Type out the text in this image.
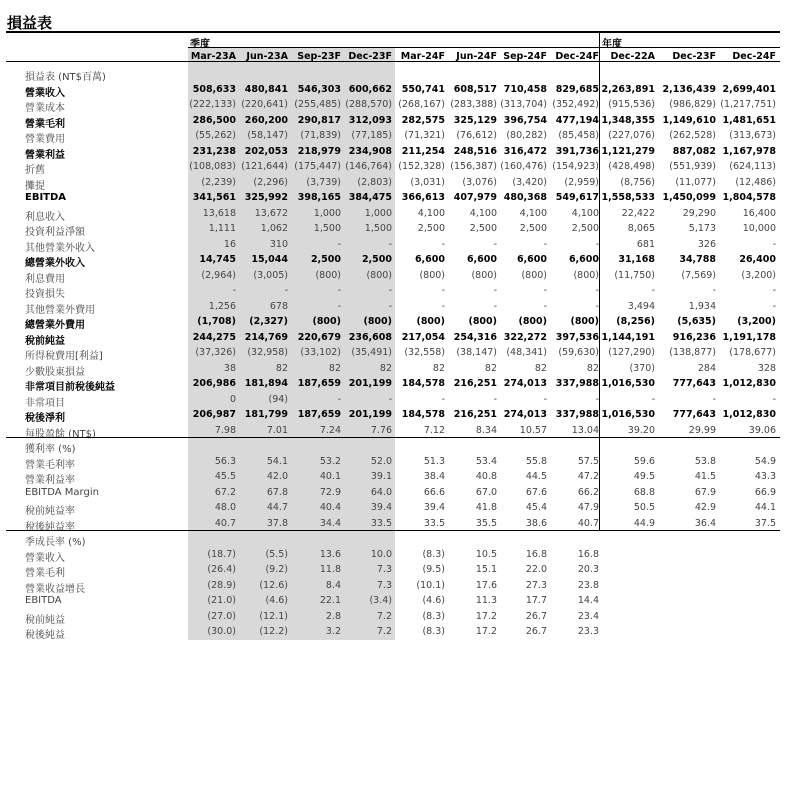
損益表
季度	年度
Mar-23A	Jun-23A Sep-23F Dec-23F Mar-24F	Jun-24F Sep-24F Dec-24F	Dec-22A	Dec-23F	Dec-24F
損益表 (NT$百萬)
營業收入	508,633 480,841	546,303 600,662	550,741 608,517 710,458 829,685 2,263,891 2,136,439 2,699,401
營業成本	(222,133) (220,641) (255,485) (288,570) (268,167) (283,388) (313,704) (352,492) (915,536)	(986,829) (1,217,751)
營業毛利	286,500 260,200	290,817 312,093	282,575 325,129 396,754 477,194 1,348,355 1,149,610 1,481,651
營業費用	(55,262)	(58,147)	(71,839)	(77,185)	(71,321)	(76,612) (80,282)	(85,458) (227,076)	(262,528)	(313,673)
營業利益	231,238 202,053	218,979 234,908	211,254 248,516 316,472 391,736 1,121,279	887,082 1,167,978
折舊	(108,083) (121,644) (175,447) (146,764) (152,328) (156,387) (160,476) (154,923) (428,498)	(551,939)	(624,113)
攤提	(2,239)	(2,296)	(3,739)	(2,803)	(3,031)	(3,076)	(3,420)	(2,959)	(8,756)	(11,077)	(12,486)
EBITDA	341,561 325,992	398,165 384,475	366,613 407,979 480,368 549,617 1,558,533 1,450,099 1,804,578
利息收入	13,618	13,672	1,000	1,000	4,100	4,100	4,100	4,100	22,422	29,290	16,400
投資利益淨額	1,111	1,062	1,500	1,500	2,500	2,500	2,500	2,500	8,065	5,173	10,000
其他營業外收入	16	310	-	-	-	-	-	-	681	326	-
總營業外收入	14,745	15,044	2,500	2,500	6,600	6,600	6,600	6,600	31,168	34,788	26,400
利息費用	(2,964)	(3,005)	(800)	(800)	(800)	(800)	(800)	(800)	(11,750)	(7,569)	(3,200)
投資損失	-	-	-	-	-	-	-	-	-	-	-
其他營業外費用	1,256	678	-	-	-	-	-	-	3,494	1,934	-
總營業外費用	(1,708)	(2,327)	(800)	(800)	(800)	(800)	(800)	(800)	(8,256)	(5,635)	(3,200)
稅前純益	244,275 214,769	220,679 236,608	217,054 254,316 322,272 397,536 1,144,191	916,236 1,191,178
所得稅費用[利益]	(37,326)	(32,958)	(33,102)	(35,491)	(32,558)	(38,147) (48,341)	(59,630) (127,290)	(138,877)	(178,677)
少數股東損益	38	82	82	82	82	82	82	82	(370)	284	328
非常項目前稅後純益	206,986 181,894	187,659 201,199	184,578 216,251 274,013 337,988 1,016,530	777,643 1,012,830
非常項目	0	(94)	-	-	-	-	-	-	-	-	-
稅後淨利	206,987 181,799	187,659 201,199	184,578 216,251 274,013 337,988 1,016,530	777,643 1,012,830
每股盈餘 (NT$)	7.98	7.01	7.24	7.76	7.12	8.34	10.57	13.04	39.20	29.99	39.06
獲利率 (%)
營業毛利率	56.3	54.1	53.2	52.0	51.3	53.4	55.8	57.5	59.6	53.8	54.9
營業利益率	45.5	42.0	40.1	39.1	38.4	40.8	44.5	47.2	49.5	41.5	43.3
EBITDA Margin	67.2	67.8	72.9	64.0	66.6	67.0	67.6	66.2	68.8	67.9	66.9
稅前純益率	48.0	44.7	40.4	39.4	39.4	41.8	45.4	47.9	50.5	42.9	44.1
稅後純益率	40.7	37.8	34.4	33.5	33.5	35.5	38.6	40.7	44.9	36.4	37.5
季成長率 (%)
營業收入	(18.7)	(5.5)	13.6	10.0	(8.3)	10.5	16.8	16.8
營業毛利	(26.4)	(9.2)	11.8	7.3	(9.5)	15.1	22.0	20.3
營業收益增長	(28.9)	(12.6)	8.4	7.3	(10.1)	17.6	27.3	23.8
EBITDA	(21.0)	(4.6)	22.1	(3.4)	(4.6)	11.3	17.7	14.4
稅前純益	(27.0)	(12.1)	2.8	7.2	(8.3)	17.2	26.7	23.4
稅後純益	(30.0)	(12.2)	3.2	7.2	(8.3)	17.2	26.7	23.3
